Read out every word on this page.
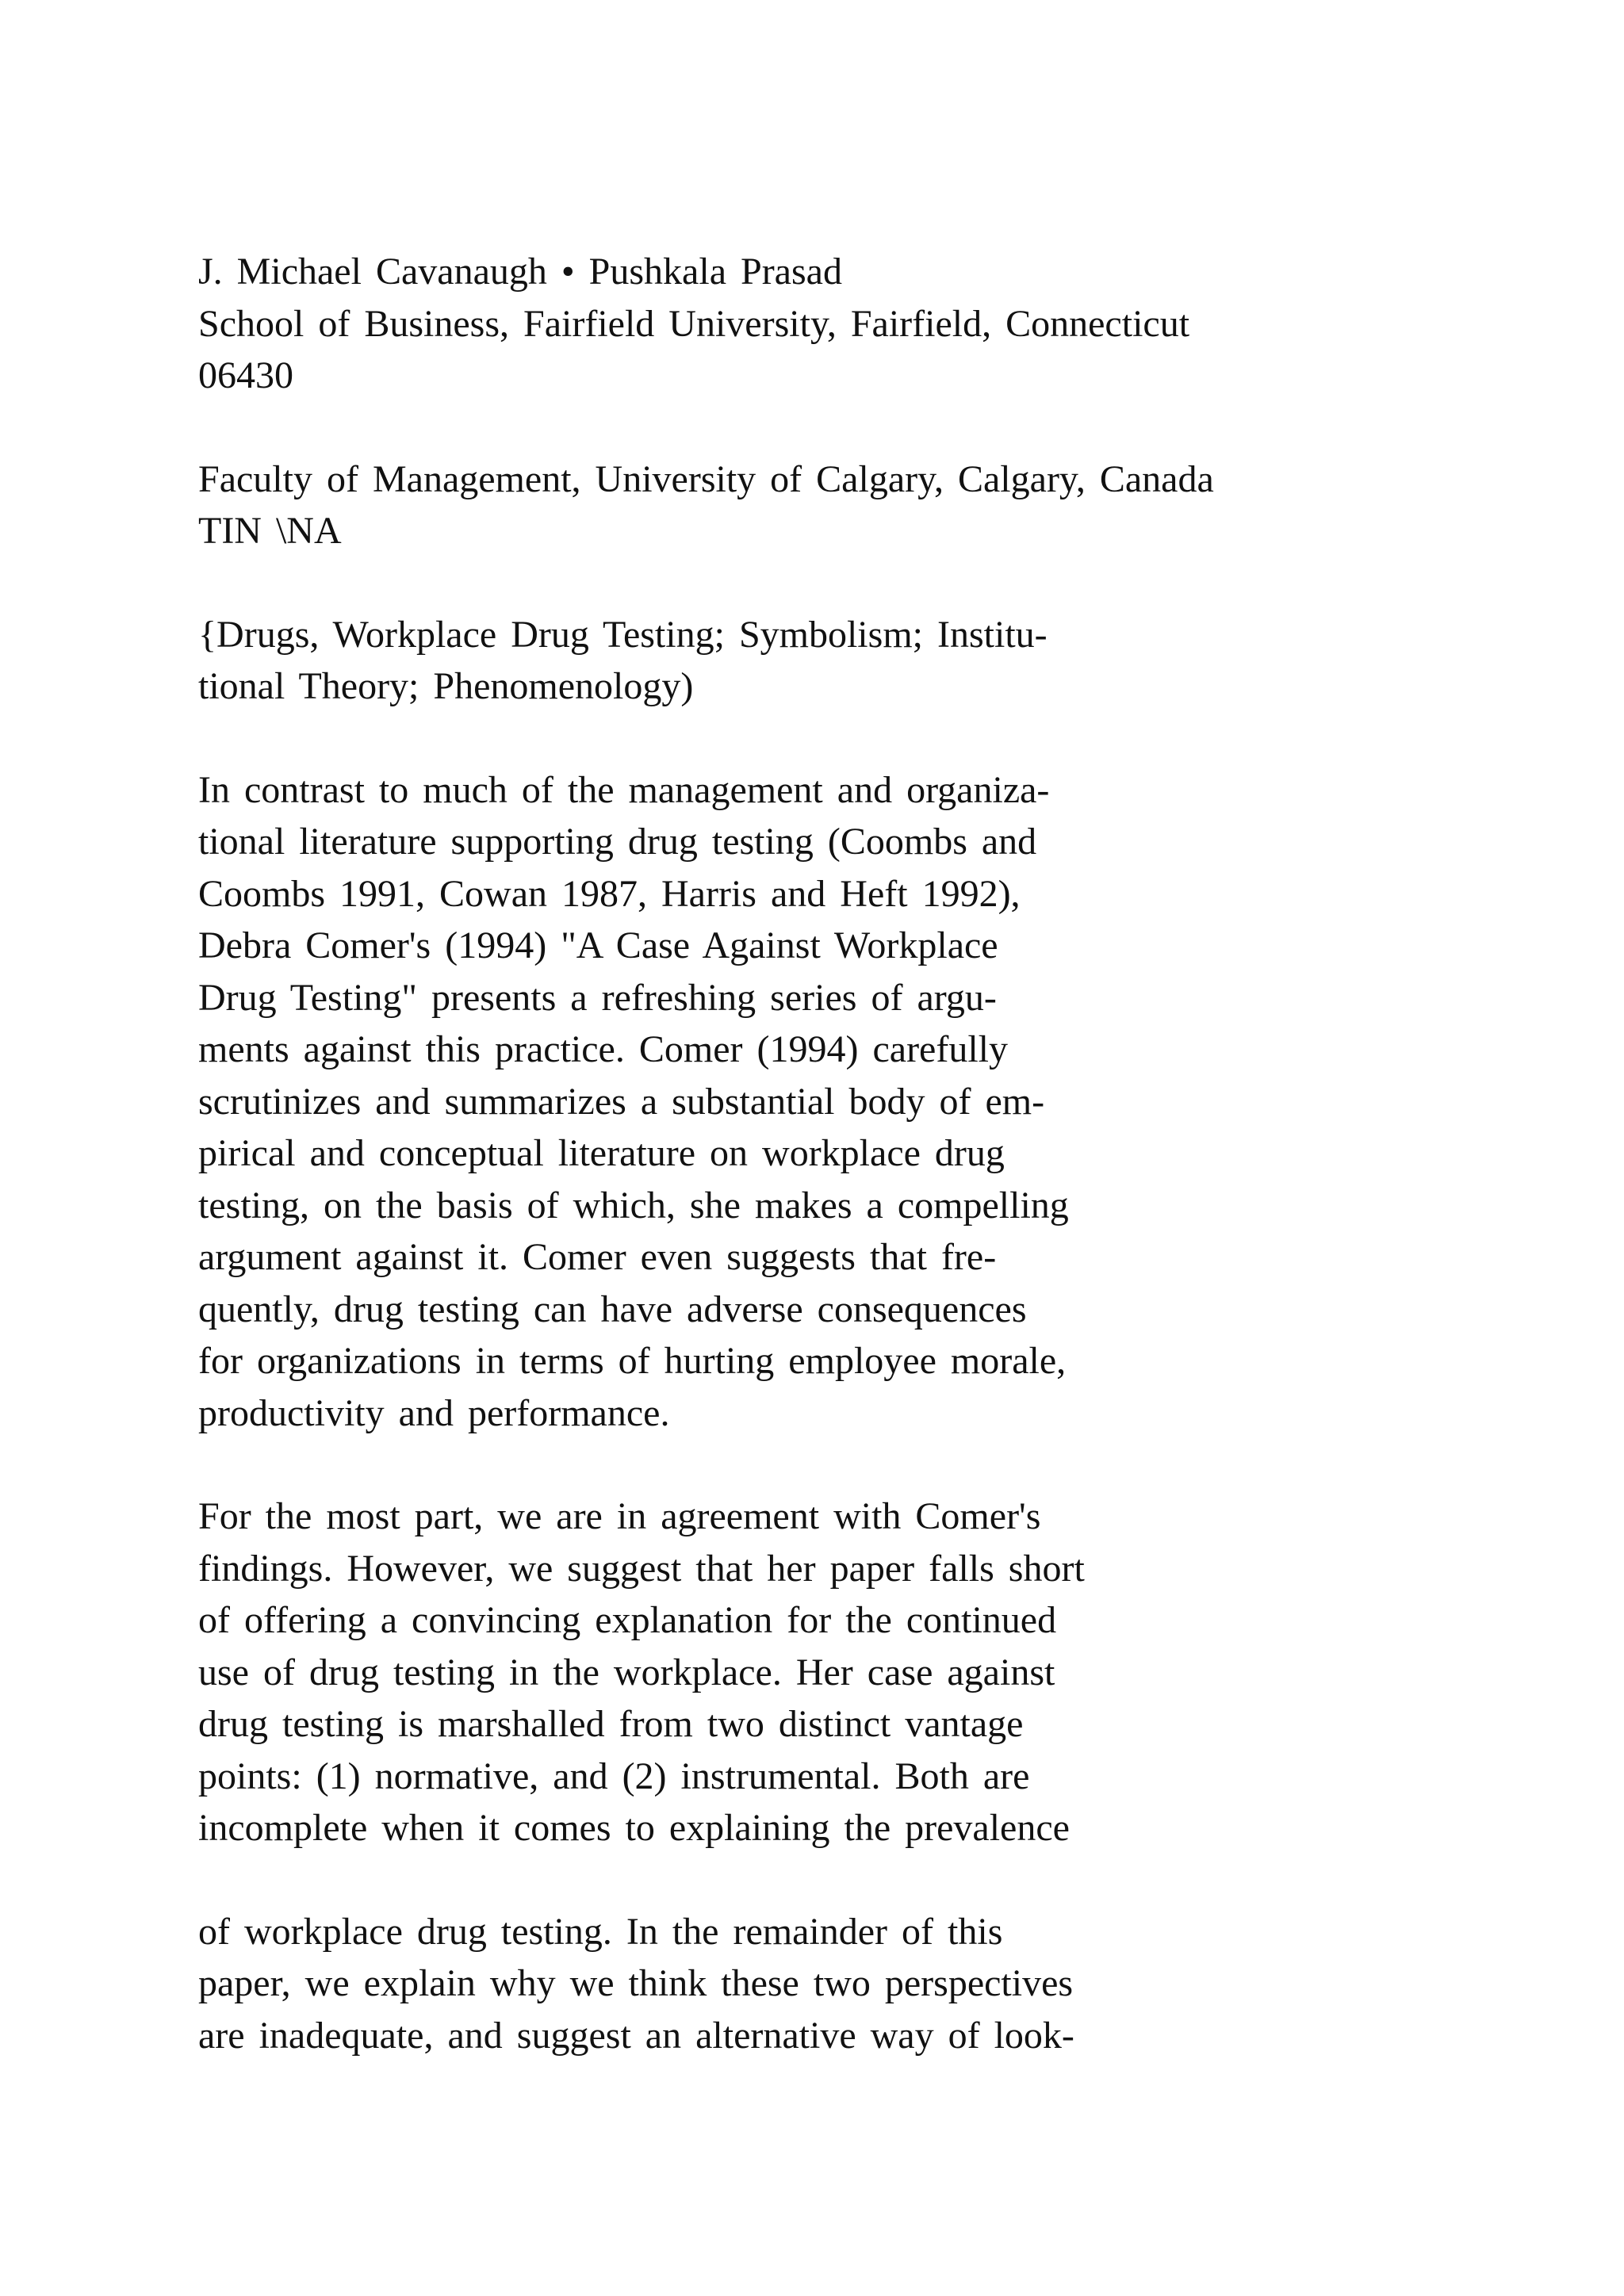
J. Michael Cavanaugh • Pushkala Prasad
School of Business, Fairfield University, Fairfield, Connecticut
06430
Faculty of Management, University of Calgary, Calgary, Canada
TIN \NA
{Drugs, Workplace Drug Testing; Symbolism; Institu-
tional Theory; Phenomenology)
In contrast to much of the management and organiza-
tional literature supporting drug testing (Coombs and
Coombs 1991, Cowan 1987, Harris and Heft 1992),
Debra Comer's (1994) "A Case Against Workplace
Drug Testing" presents a refreshing series of argu-
ments against this practice. Comer (1994) carefully
scrutinizes and summarizes a substantial body of em-
pirical and conceptual literature on workplace drug
testing, on the basis of which, she makes a compelling
argument against it. Comer even suggests that fre-
quently, drug testing can have adverse consequences
for organizations in terms of hurting employee morale,
productivity and performance.
For the most part, we are in agreement with Comer's
findings. However, we suggest that her paper falls short
of offering a convincing explanation for the continued
use of drug testing in the workplace. Her case against
drug testing is marshalled from two distinct vantage
points: (1) normative, and (2) instrumental. Both are
incomplete when it comes to explaining the prevalence
of workplace drug testing. In the remainder of this
paper, we explain why we think these two perspectives
are inadequate, and suggest an alternative way of look-
